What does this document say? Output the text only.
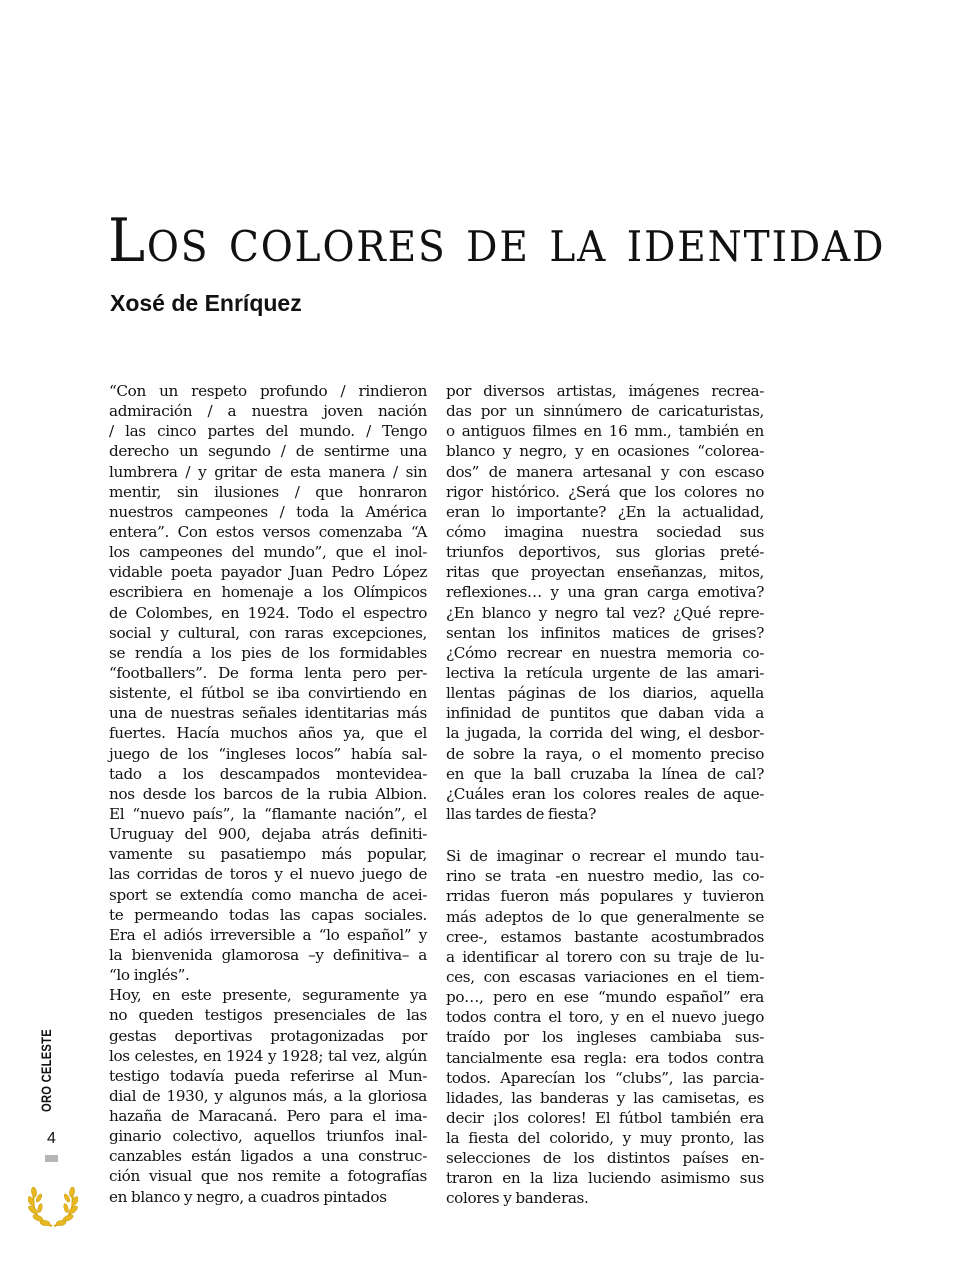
Los colores de la identidad
Xosé de Enríquez
“Con un respeto profundo / rindieron
admiración / a nuestra joven nación
/ las cinco partes del mundo. / Tengo
derecho un segundo / de sentirme una
lumbrera / y gritar de esta manera / sin
mentir, sin ilusiones / que honraron
nuestros campeones / toda la América
entera”. Con estos versos comenzaba “A
los campeones del mundo”, que el inol-
vidable poeta payador Juan Pedro López
escribiera en homenaje a los Olímpicos
de Colombes, en 1924. Todo el espectro
social y cultural, con raras excepciones,
se rendía a los pies de los formidables
“footballers”. De forma lenta pero per-
sistente, el fútbol se iba convirtiendo en
una de nuestras señales identitarias más
fuertes. Hacía muchos años ya, que el
juego de los “ingleses locos” había sal-
tado a los descampados montevidea-
nos desde los barcos de la rubia Albion.
El “nuevo país”, la “flamante nación”, el
Uruguay del 900, dejaba atrás definiti-
vamente su pasatiempo más popular,
las corridas de toros y el nuevo juego de
sport se extendía como mancha de acei-
te permeando todas las capas sociales.
Era el adiós irreversible a “lo español” y
la bienvenida glamorosa –y definitiva– a
“lo inglés”.
Hoy, en este presente, seguramente ya
no queden testigos presenciales de las
gestas deportivas protagonizadas por
los celestes, en 1924 y 1928; tal vez, algún
testigo todavía pueda referirse al Mun-
dial de 1930, y algunos más, a la gloriosa
hazaña de Maracaná. Pero para el ima-
ginario colectivo, aquellos triunfos inal-
canzables están ligados a una construc-
ción visual que nos remite a fotografías
en blanco y negro, a cuadros pintados
por diversos artistas, imágenes recrea-
das por un sinnúmero de caricaturistas,
o antiguos filmes en 16 mm., también en
blanco y negro, y en ocasiones “colorea-
dos” de manera artesanal y con escaso
rigor histórico. ¿Será que los colores no
eran lo importante? ¿En la actualidad,
cómo imagina nuestra sociedad sus
triunfos deportivos, sus glorias preté-
ritas que proyectan enseñanzas, mitos,
reflexiones… y una gran carga emotiva?
¿En blanco y negro tal vez? ¿Qué repre-
sentan los infinitos matices de grises?
¿Cómo recrear en nuestra memoria co-
lectiva la retícula urgente de las amari-
llentas páginas de los diarios, aquella
infinidad de puntitos que daban vida a
la jugada, la corrida del wing, el desbor-
de sobre la raya, o el momento preciso
en que la ball cruzaba la línea de cal?
¿Cuáles eran los colores reales de aque-
llas tardes de fiesta?
Si de imaginar o recrear el mundo tau-
rino se trata -en nuestro medio, las co-
rridas fueron más populares y tuvieron
más adeptos de lo que generalmente se
cree-, estamos bastante acostumbrados
a identificar al torero con su traje de lu-
ces, con escasas variaciones en el tiem-
po…, pero en ese “mundo español” era
todos contra el toro, y en el nuevo juego
traído por los ingleses cambiaba sus-
tancialmente esa regla: era todos contra
todos. Aparecían los “clubs”, las parcia-
lidades, las banderas y las camisetas, es
decir ¡los colores! El fútbol también era
la fiesta del colorido, y muy pronto, las
selecciones de los distintos países en-
traron en la liza luciendo asimismo sus
colores y banderas.
ORO CELESTE
4
